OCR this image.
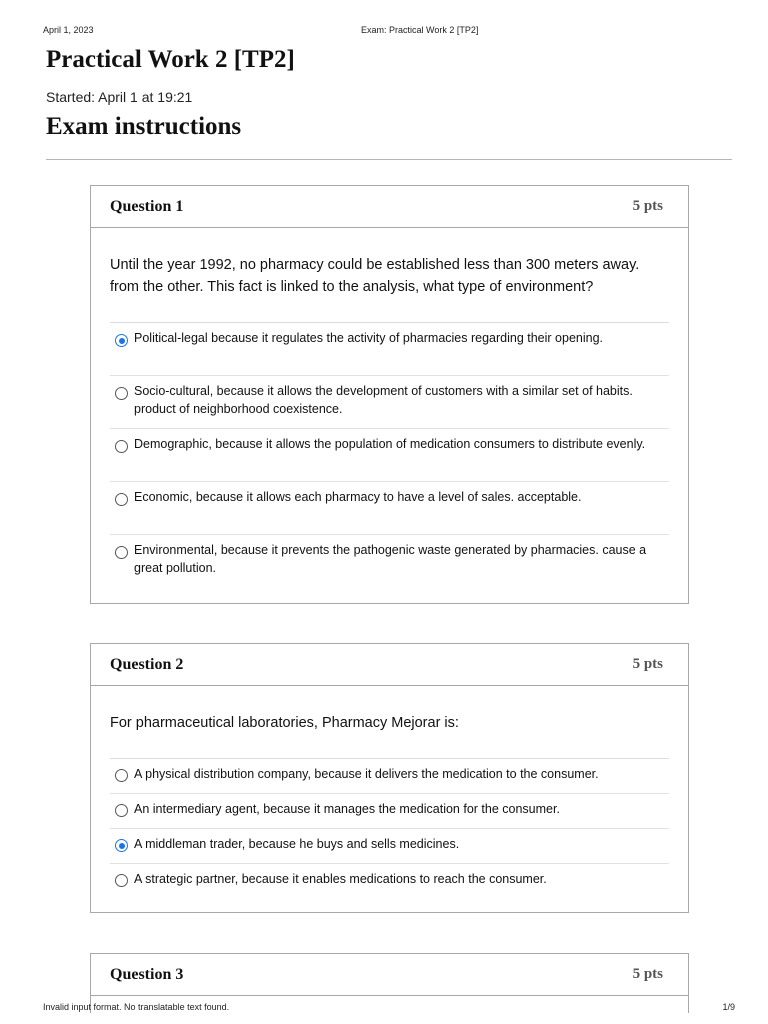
April 1, 2023	Exam: Practical Work 2 [TP2]
Practical Work 2 [TP2]
Started: April 1 at 19:21
Exam instructions
Question 1	5 pts
Until the year 1992, no pharmacy could be established less than 300 meters away. from the other. This fact is linked to the analysis, what type of environment?
Political-legal because it regulates the activity of pharmacies regarding their opening.
Socio-cultural, because it allows the development of customers with a similar set of habits. product of neighborhood coexistence.
Demographic, because it allows the population of medication consumers to distribute evenly.
Economic, because it allows each pharmacy to have a level of sales. acceptable.
Environmental, because it prevents the pathogenic waste generated by pharmacies. cause a great pollution.
Question 2	5 pts
For pharmaceutical laboratories, Pharmacy Mejorar is:
A physical distribution company, because it delivers the medication to the consumer.
An intermediary agent, because it manages the medication for the consumer.
A middleman trader, because he buys and sells medicines.
A strategic partner, because it enables medications to reach the consumer.
Question 3	5 pts
Invalid input format. No translatable text found.	1/9
